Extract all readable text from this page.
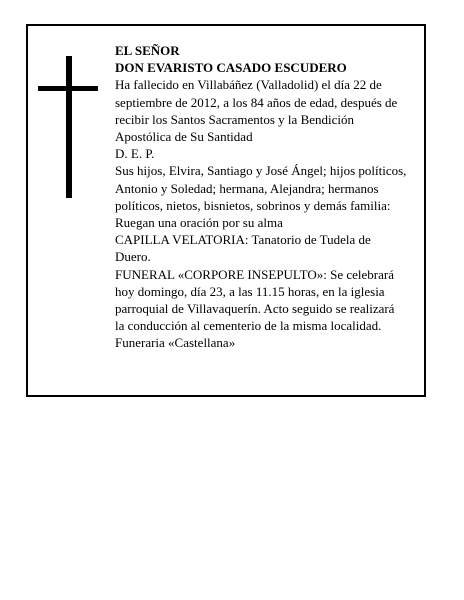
EL SEÑOR
DON EVARISTO CASADO ESCUDERO
Ha fallecido en Villabáñez (Valladolid) el día 22 de
septiembre de 2012, a los 84 años de edad, después de
recibir los Santos Sacramentos y la Bendición
Apostólica de Su Santidad
D. E. P.
Sus hijos, Elvira, Santiago y José Ángel; hijos políticos,
Antonio y Soledad; hermana, Alejandra; hermanos
políticos, nietos, bisnietos, sobrinos y demás familia:
Ruegan una oración por su alma
CAPILLA VELATORIA: Tanatorio de Tudela de
Duero.
FUNERAL «CORPORE INSEPULTO»: Se celebrará
hoy domingo, día 23, a las 11.15 horas, en la iglesia
parroquial de Villavaquerín. Acto seguido se realizará
la conducción al cementerio de la misma localidad.
Funeraria «Castellana»
